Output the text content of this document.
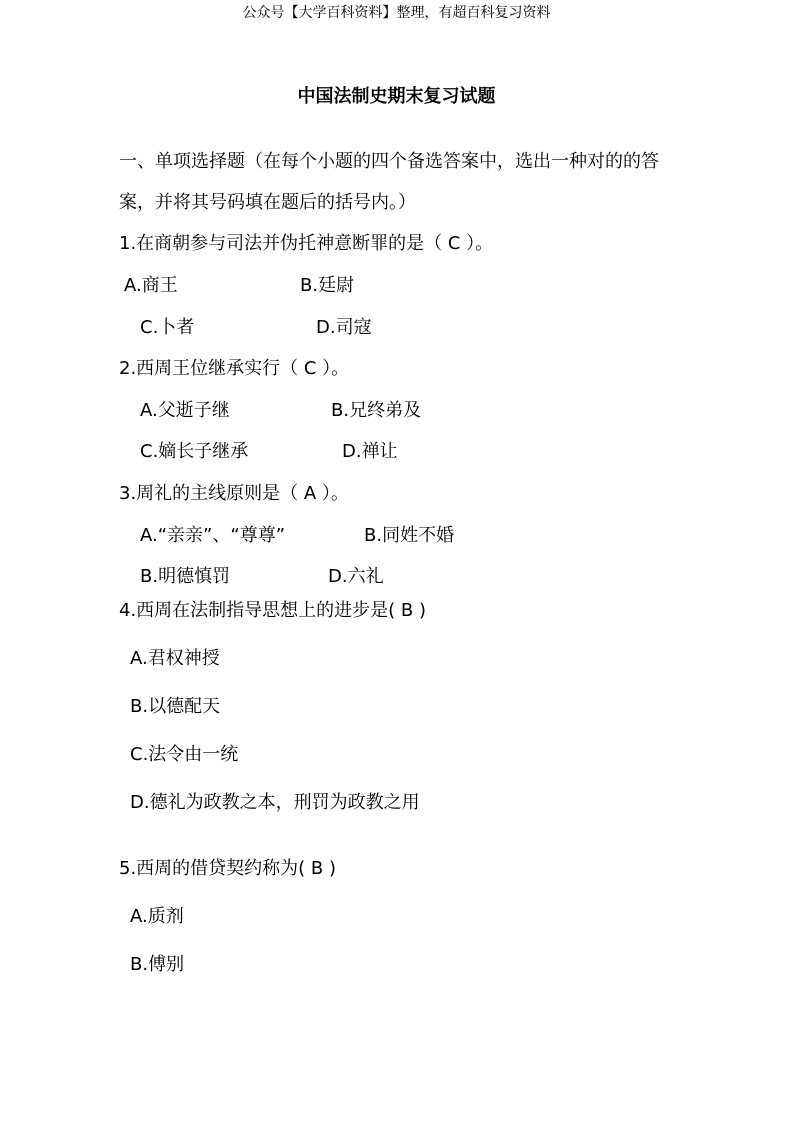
公众号【大学百科资料】整理，有超百科复习资料
中国法制史期末复习试题
一、单项选择题（在每个小题的四个备选答案中，选出一种对的的答
案，并将其号码填在题后的括号内。）
1.在商朝参与司法并伪托神意断罪的是（ C ）。
A.商王	B.廷尉
C.卜者	D.司寇
2.西周王位继承实行（ C ）。
A.父逝子继	B.兄终弟及
C.嫡长子继承	D.禅让
3.周礼的主线原则是（ A ）。
A.“亲亲”、“尊尊”	B.同姓不婚
B.明德慎罚	D.六礼
4.西周在法制指导思想上的进步是( B )
A.君权神授
B.以德配天
C.法令由一统
D.德礼为政教之本，刑罚为政教之用
5.西周的借贷契约称为( B )
A.质剂
B.傅别
